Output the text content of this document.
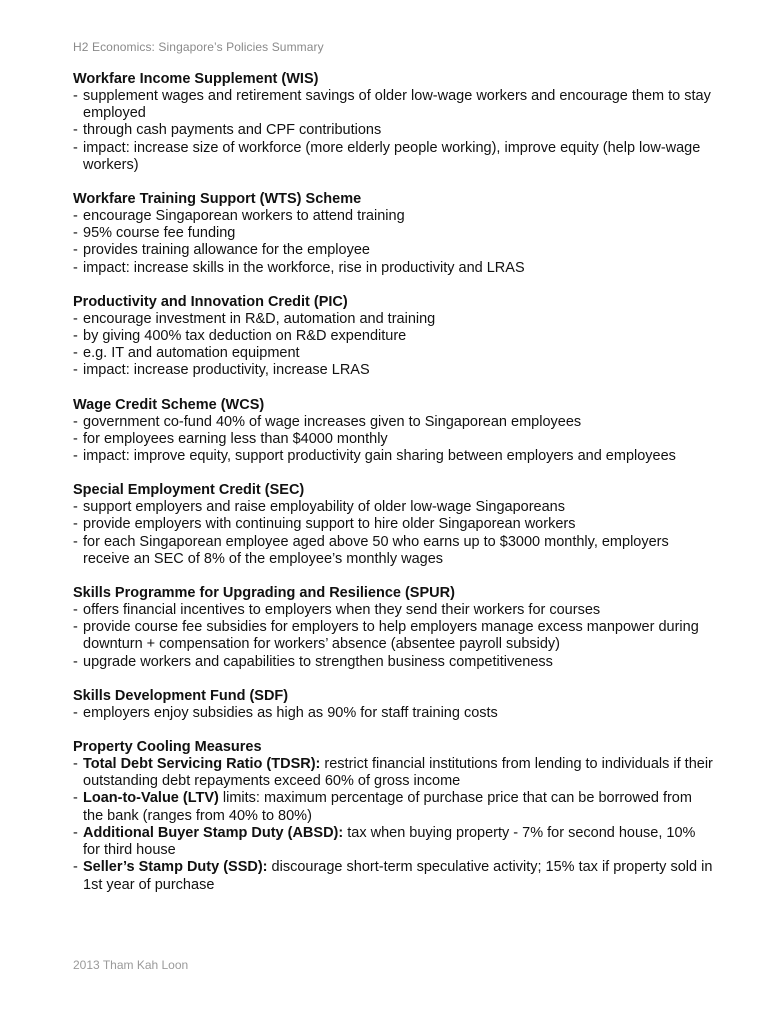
H2 Economics: Singapore’s Policies Summary
Workfare Income Supplement (WIS)
- supplement wages and retirement savings of older low-wage workers and encourage them to stay employed
- through cash payments and CPF contributions
- impact: increase size of workforce (more elderly people working), improve equity (help low-wage workers)
Workfare Training Support (WTS) Scheme
- encourage Singaporean workers to attend training
- 95% course fee funding
- provides training allowance for the employee
- impact: increase skills in the workforce, rise in productivity and LRAS
Productivity and Innovation Credit (PIC)
- encourage investment in R&D, automation and training
- by giving 400% tax deduction on R&D expenditure
- e.g. IT and automation equipment
- impact: increase productivity, increase LRAS
Wage Credit Scheme (WCS)
- government co-fund 40% of wage increases given to Singaporean employees
- for employees earning less than $4000 monthly
- impact: improve equity, support productivity gain sharing between employers and employees
Special Employment Credit (SEC)
- support employers and raise employability of older low-wage Singaporeans
- provide employers with continuing support to hire older Singaporean workers
- for each Singaporean employee aged above 50 who earns up to $3000 monthly, employers receive an SEC of 8% of the employee’s monthly wages
Skills Programme for Upgrading and Resilience (SPUR)
- offers financial incentives to employers when they send their workers for courses
- provide course fee subsidies for employers to help employers manage excess manpower during downturn + compensation for workers’ absence (absentee payroll subsidy)
- upgrade workers and capabilities to strengthen business competitiveness
Skills Development Fund (SDF)
- employers enjoy subsidies as high as 90% for staff training costs
Property Cooling Measures
- Total Debt Servicing Ratio (TDSR): restrict financial institutions from lending to individuals if their outstanding debt repayments exceed 60% of gross income
- Loan-to-Value (LTV) limits: maximum percentage of purchase price that can be borrowed from the bank (ranges from 40% to 80%)
- Additional Buyer Stamp Duty (ABSD): tax when buying property - 7% for second house, 10% for third house
- Seller’s Stamp Duty (SSD): discourage short-term speculative activity; 15% tax if property sold in 1st year of purchase
2013 Tham Kah Loon
